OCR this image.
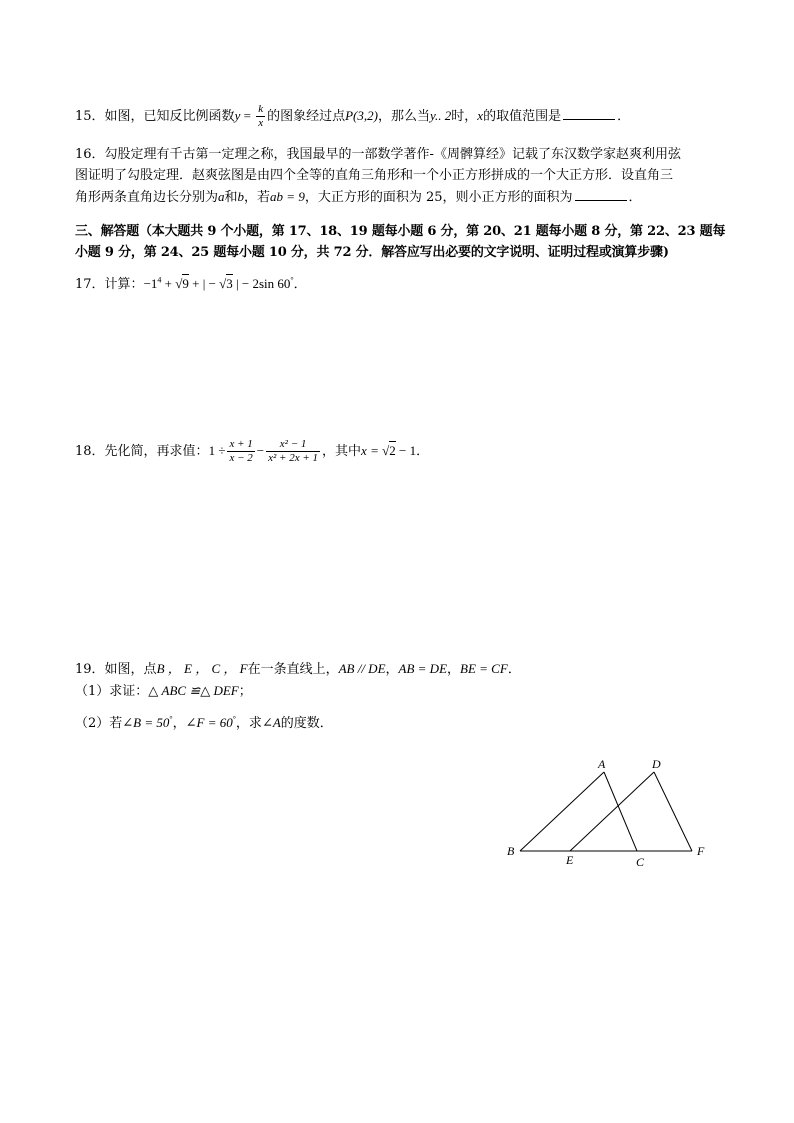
15．如图，已知反比例函数$y = \frac{k}{x}$ 的图象经过点P(3,2)，那么当y.. 2时，x的取值范围是	．
16．勾股定理有千古第一定理之称，我国最早的一部数学著作-《周髀算经》记载了东汉数学家赵爽利用弦
图证明了勾股定理．赵爽弦图是由四个全等的直角三角形和一个小正方形拼成的一个大正方形．设直角三
角形两条直角边长分别为a和b，若ab = 9，大正方形的面积为 25，则小正方形的面积为	．
三、解答题（本大题共 9 个小题，第 17、18、19 题每小题 6 分，第 20、21 题每小题 8 分，第 22、23 题每
小题 9 分，第 24、25 题每小题 10 分，共 72 分．解答应写出必要的文字说明、证明过程或演算步骤)
17．计算：$-1^4 + √9$ + | − √3 | − 2sin 60°．
18．先化简，再求值：$1 \div \frac{x + 1}{x - 2} - \frac{\text{x² − 1}}{\text{x² + 2x + 1}}$ ，其中x = √2 − 1．
19．如图，点B ， E ， C ， F在一条直线上，AB // DE，AB = DE，BE = CF．
（1）求证：△ ABC ≌△ DEF；
（2）若∠B = 50°，∠F = 60°，求∠A的度数．
A	D
B
E	C
F
